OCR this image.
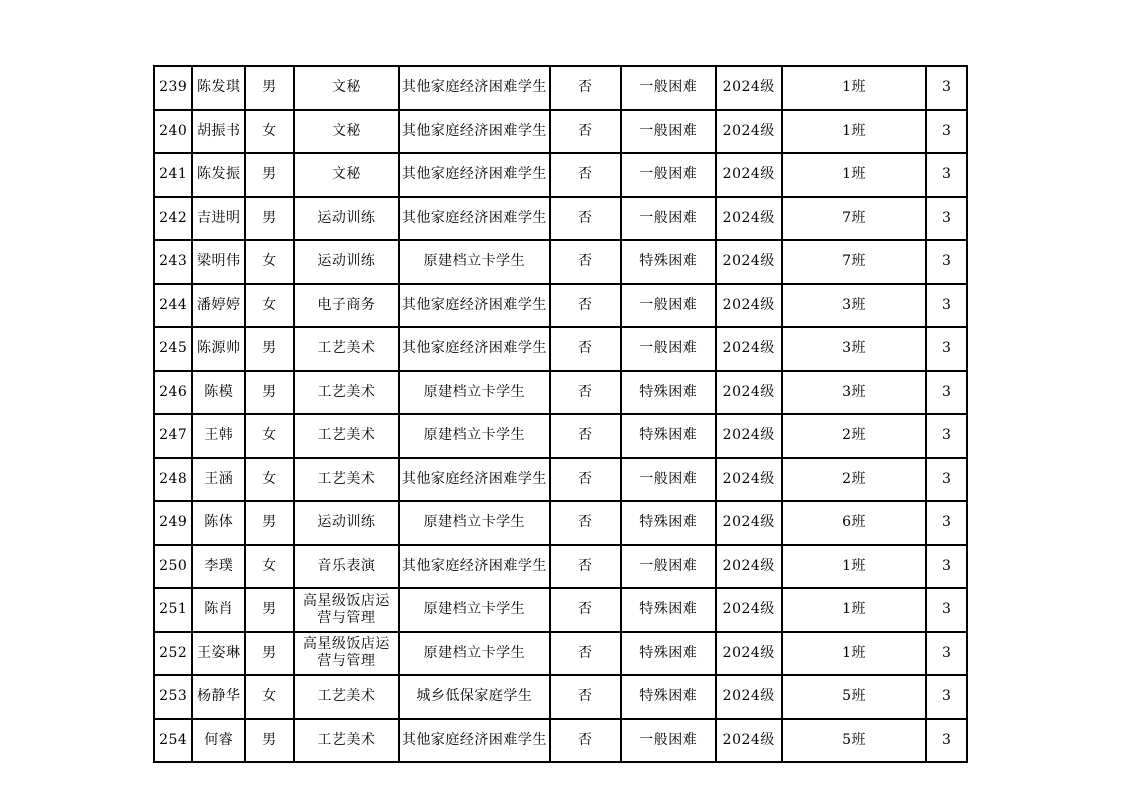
239	陈发琪	男	文秘	其他家庭经济困难学生	否	一般困难	2024级	1班	3
240	胡振书	女	文秘	其他家庭经济困难学生	否	一般困难	2024级	1班	3
241	陈发振	男	文秘	其他家庭经济困难学生	否	一般困难	2024级	1班	3
242	吉进明	男	运动训练	其他家庭经济困难学生	否	一般困难	2024级	7班	3
243	梁明伟	女	运动训练	原建档立卡学生	否	特殊困难	2024级	7班	3
244	潘婷婷	女	电子商务	其他家庭经济困难学生	否	一般困难	2024级	3班	3
245	陈源帅	男	工艺美术	其他家庭经济困难学生	否	一般困难	2024级	3班	3
246	陈模	男	工艺美术	原建档立卡学生	否	特殊困难	2024级	3班	3
247	王韩	女	工艺美术	原建档立卡学生	否	特殊困难	2024级	2班	3
248	王涵	女	工艺美术	其他家庭经济困难学生	否	一般困难	2024级	2班	3
249	陈体	男	运动训练	原建档立卡学生	否	特殊困难	2024级	6班	3
250	李璞	女	音乐表演	其他家庭经济困难学生	否	一般困难	2024级	1班	3
251	陈肖	男	高星级饭店运营与管理	原建档立卡学生	否	特殊困难	2024级	1班	3
252	王姿琳	男	高星级饭店运营与管理	原建档立卡学生	否	特殊困难	2024级	1班	3
253	杨静华	女	工艺美术	城乡低保家庭学生	否	特殊困难	2024级	5班	3
254	何睿	男	工艺美术	其他家庭经济困难学生	否	一般困难	2024级	5班	3
